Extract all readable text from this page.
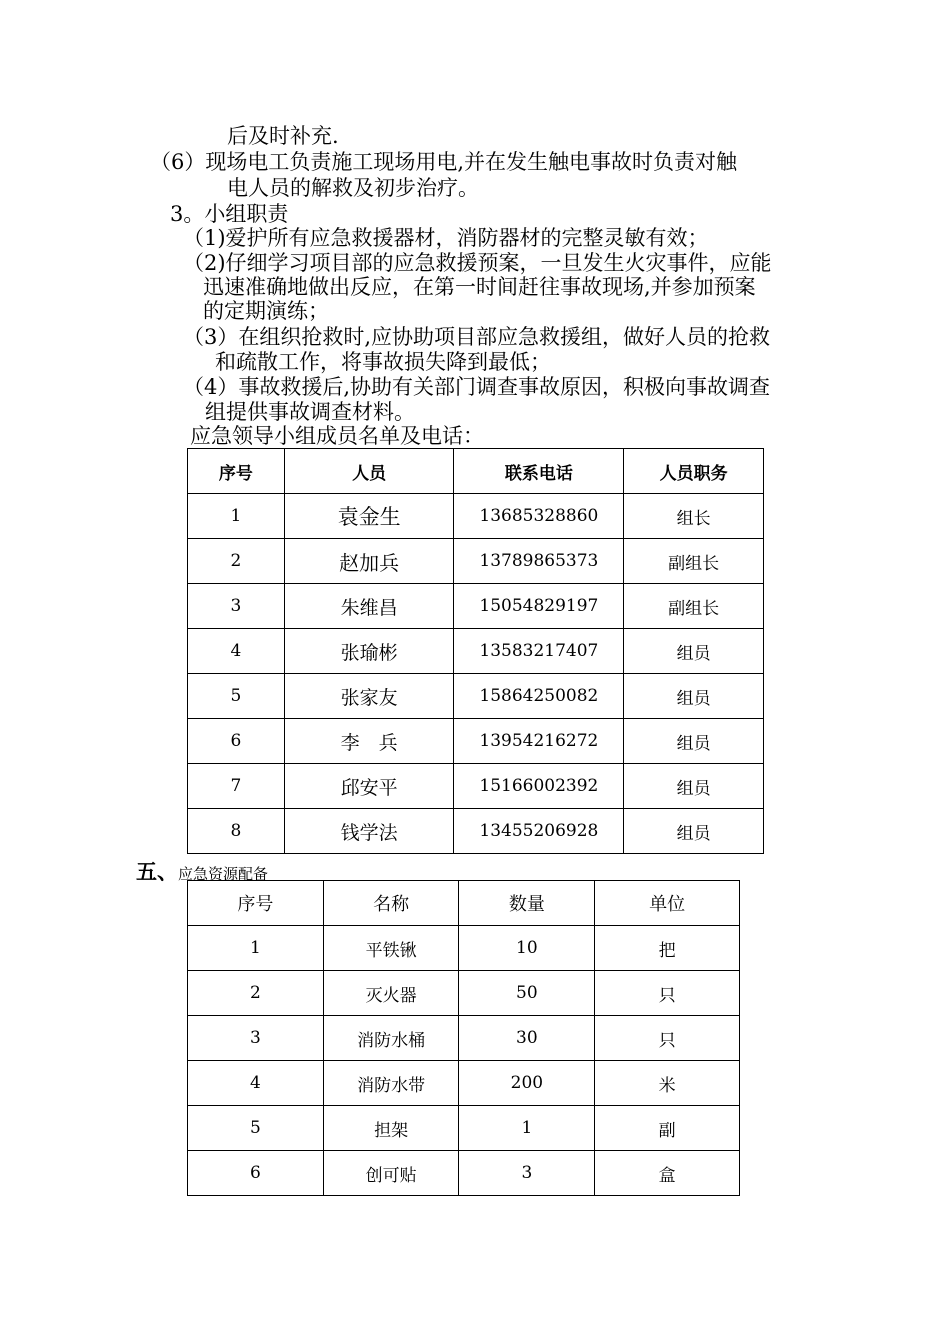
后及时补充.
（6）现场电工负责施工现场用电,并在发生触电事故时负责对触
电人员的解救及初步治疗。
3。小组职责
（1)爱护所有应急救援器材，消防器材的完整灵敏有效；
（2)仔细学习项目部的应急救援预案，一旦发生火灾事件，应能
迅速准确地做出反应，在第一时间赶往事故现场,并参加预案
的定期演练；
（3）在组织抢救时,应协助项目部应急救援组，做好人员的抢救
和疏散工作，将事故损失降到最低；
（4）事故救援后,协助有关部门调查事故原因，积极向事故调查
组提供事故调查材料。
应急领导小组成员名单及电话：
序号	人员	联系电话	人员职务
1	袁金生	13685328860	组长
2	赵加兵	13789865373	副组长
3	朱维昌	15054829197	副组长
4	张瑜彬	13583217407	组员
5	张家友	15864250082	组员
6	李　兵	13954216272	组员
7	邱安平	15166002392	组员
8	钱学法	13455206928	组员
五、应急资源配备
序号	名称	数量	单位
1	平铁锹	10	把
2	灭火器	50	只
3	消防水桶	30	只
4	消防水带	200	米
5	担架	1	副
6	创可贴	3	盒
